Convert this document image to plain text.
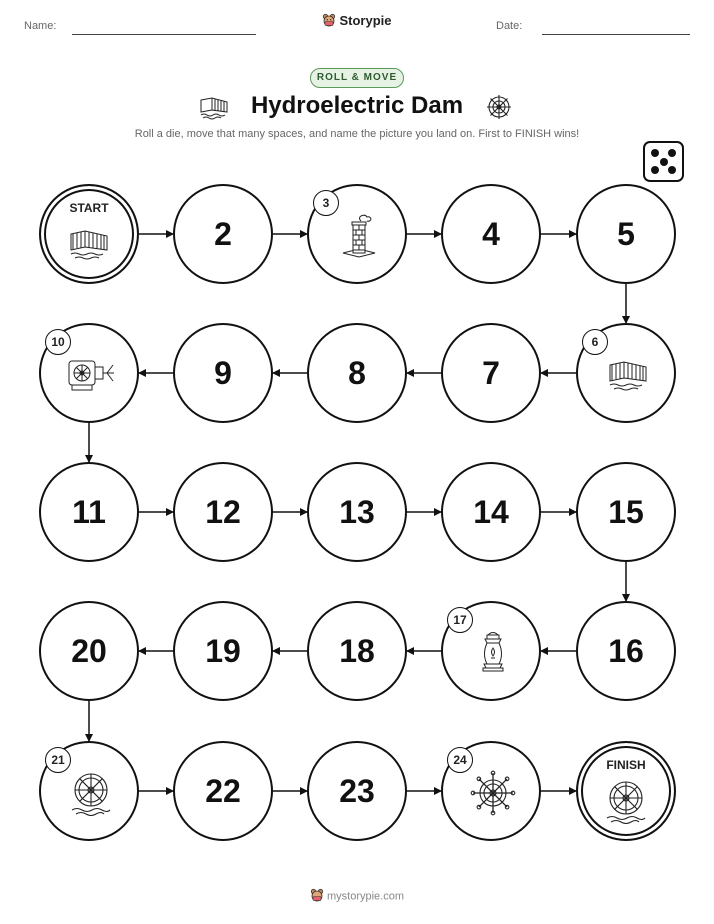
Name:	Storypie	Date:
ROLL & MOVE
Hydroelectric Dam
Roll a die, move that many spaces, and name the picture you land on. First to FINISH wins!
START
2
3
4	5
6
7
8
9
10
11	12	13	14	15
16
17
18
19
20
21
22	23
24	FINISH
mystorypie.com
